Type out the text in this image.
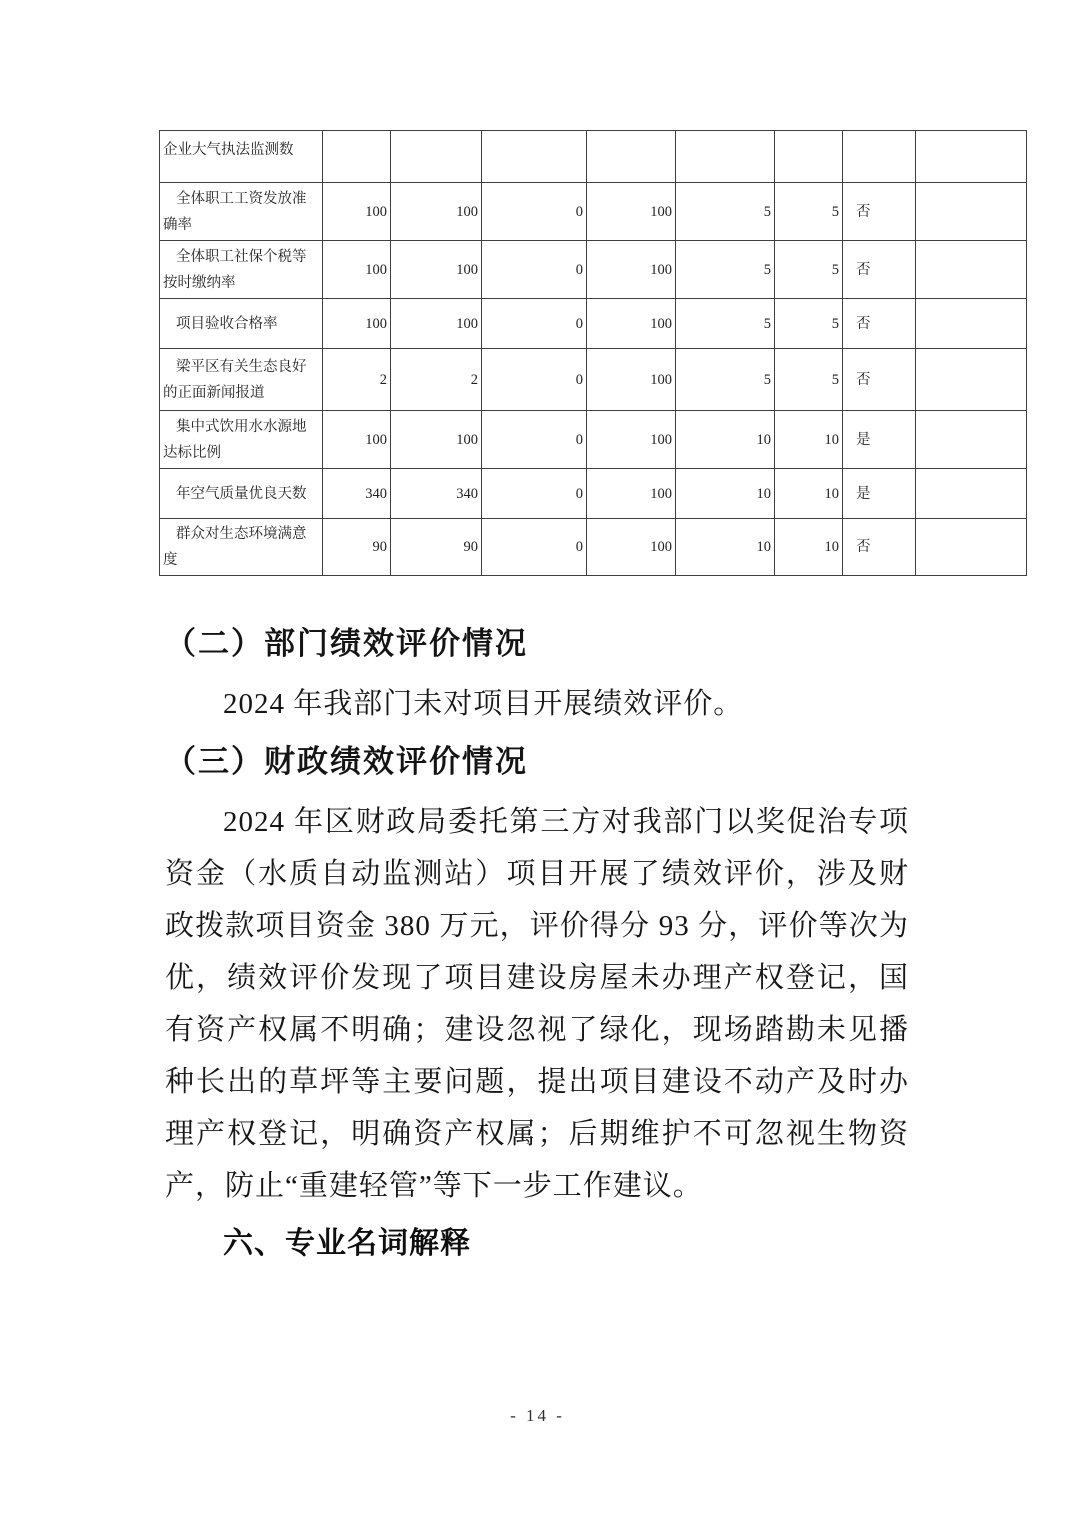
企业大气执法监测数								

全体职工工资发放准确率	100	100	0	100	5	5	否	

全体职工社保个税等按时缴纳率	100	100	0	100	5	5	否	

项目验收合格率	100	100	0	100	5	5	否	

梁平区有关生态良好的正面新闻报道	2	2	0	100	5	5	否	

集中式饮用水水源地达标比例	100	100	0	100	10	10	是	

年空气质量优良天数	340	340	0	100	10	10	是	

群众对生态环境满意度	90	90	0	100	10	10	否	
（二）部门绩效评价情况

2024 年我部门未对项目开展绩效评价。

（三）财政绩效评价情况

2024 年区财政局委托第三方对我部门以奖促治专项资金（水质自动监测站）项目开展了绩效评价，涉及财政拨款项目资金 380 万元，评价得分 93 分，评价等次为优，绩效评价发现了项目建设房屋未办理产权登记，国有资产权属不明确；建设忽视了绿化，现场踏勘未见播种长出的草坪等主要问题，提出项目建设不动产及时办理产权登记，明确资产权属；后期维护不可忽视生物资产，防止“重建轻管”等下一步工作建议。

六、专业名词解释
- 14 -
